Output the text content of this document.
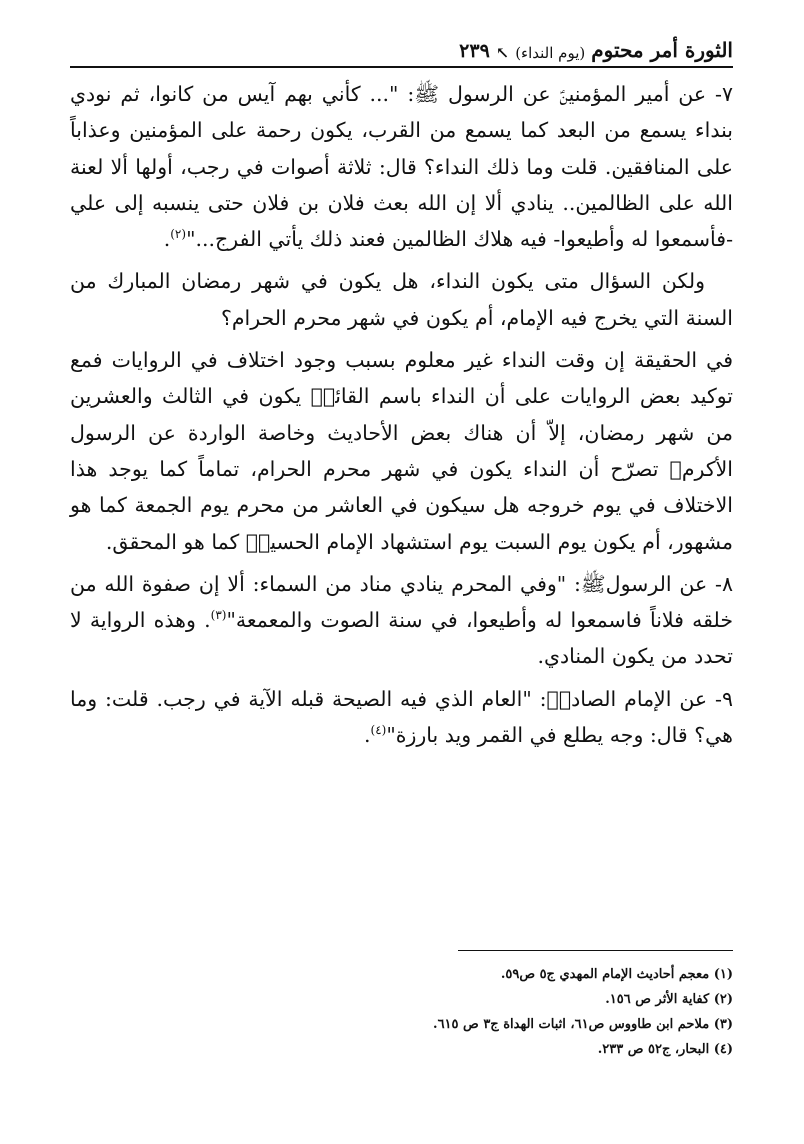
الثورة أمر محتوم
(يوم النداء)
↖
٢٣٩

٧- عن أمير المؤمنينؑ عن الرسول ﷺ: "... كأني بهم آيس من كانوا، ثم نودي بنداء يسمع من البعد كما يسمع من القرب، يكون رحمة على المؤمنين وعذاباً على المنافقين. قلت وما ذلك النداء؟ قال: ثلاثة أصوات في رجب، أولها ألا لعنة الله على الظالمين.. ينادي ألا إن الله بعث فلان بن فلان حتى ينسبه إلى علي -فأسمعوا له وأطيعوا- فيه هلاك الظالمين فعند ذلك يأتي الفرج..."$^{(٢)}$.

ولكن السؤال متى يكون النداء، هل يكون في شهر رمضان المبارك من السنة التي يخرج فيه الإمام، أم يكون في شهر محرم الحرام؟

في الحقيقة إن وقت النداء غير معلوم بسبب وجود اختلاف في الروايات فمع توكيد بعض الروايات على أن النداء باسم القائمؑ يكون في الثالث والعشرين من شهر رمضان، إلاّ أن هناك بعض الأحاديث وخاصة الواردة عن الرسول الأكرمﷺ تصرّح أن النداء يكون في شهر محرم الحرام، تماماً كما يوجد هذا الاختلاف في يوم خروجه هل سيكون في العاشر من محرم يوم الجمعة كما هو مشهور، أم يكون يوم السبت يوم استشهاد الإمام الحسينؑ كما هو المحقق.

٨- عن الرسولﷺ: "وفي المحرم ينادي مناد من السماء: ألا إن صفوة الله من خلقه فلاناً فاسمعوا له وأطيعوا، في سنة الصوت والمعمعة"$^{(٣)}$. وهذه الرواية لا تحدد من يكون المنادي.

٩- عن الإمام الصادقؑ: "العام الذي فيه الصيحة قبله الآية في رجب. قلت: وما هي؟ قال: وجه يطلع في القمر ويد بارزة"$^{(٤)}$.

(١) معجم أحاديث الإمام المهدي ج٥ ص٥٩.
(٢) كفاية الأثر ص ١٥٦.
(٣) ملاحم ابن طاووس ص٦١، اثبات الهداة ج٣ ص ٦١٥.
(٤) البحار، ج٥٢ ص ٢٣٣.
